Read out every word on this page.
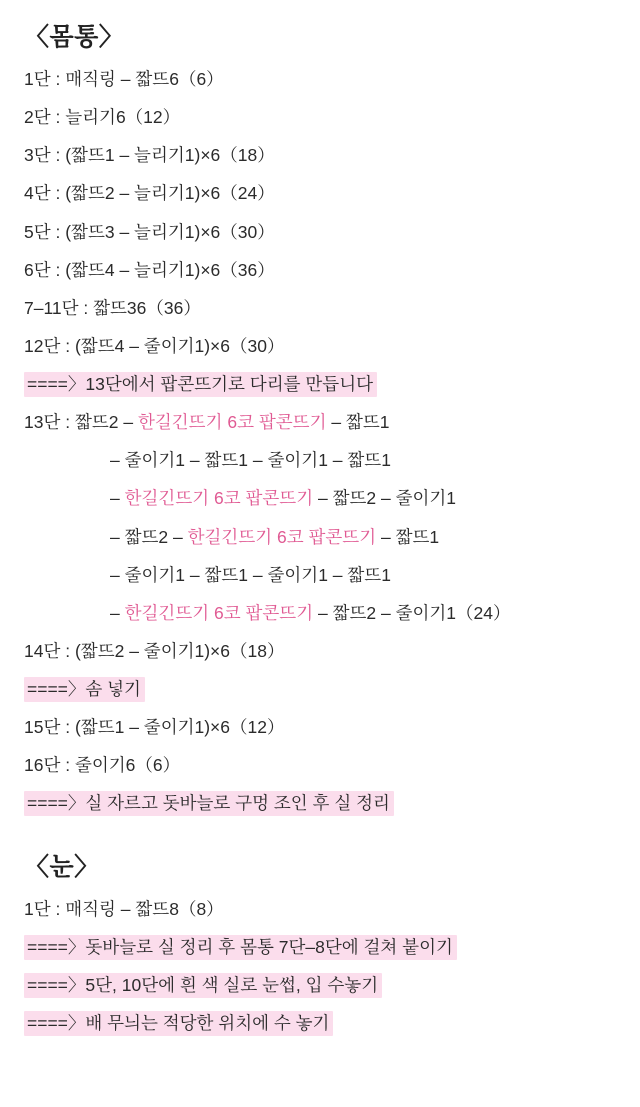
〈몸통〉

1단 : 매직링 – 짧뜨6（6）

2단 : 늘리기6（12）

3단 : (짧뜨1 – 늘리기1)×6（18）

4단 : (짧뜨2 – 늘리기1)×6（24）

5단 : (짧뜨3 – 늘리기1)×6（30）

6단 : (짧뜨4 – 늘리기1)×6（36）

7–11단 : 짧뜨36（36）

12단 : (짧뜨4 – 줄이기1)×6（30）

====〉13단에서 팝콘뜨기로 다리를 만듭니다

13단 : 짧뜨2 – 한길긴뜨기 6코 팝콘뜨기 – 짧뜨1

– 줄이기1 – 짧뜨1 – 줄이기1 – 짧뜨1

– 한길긴뜨기 6코 팝콘뜨기 – 짧뜨2 – 줄이기1

– 짧뜨2 – 한길긴뜨기 6코 팝콘뜨기 – 짧뜨1

– 줄이기1 – 짧뜨1 – 줄이기1 – 짧뜨1

– 한길긴뜨기 6코 팝콘뜨기 – 짧뜨2 – 줄이기1（24）

14단 : (짧뜨2 – 줄이기1)×6（18）

====〉솜 넣기

15단 : (짧뜨1 – 줄이기1)×6（12）

16단 : 줄이기6（6）

====〉실 자르고 돗바늘로 구멍 조인 후 실 정리

〈눈〉

1단 : 매직링 – 짧뜨8（8）

====〉돗바늘로 실 정리 후 몸통 7단–8단에 걸쳐 붙이기

====〉5단, 10단에 흰 색 실로 눈썹, 입 수놓기

====〉배 무늬는 적당한 위치에 수 놓기
